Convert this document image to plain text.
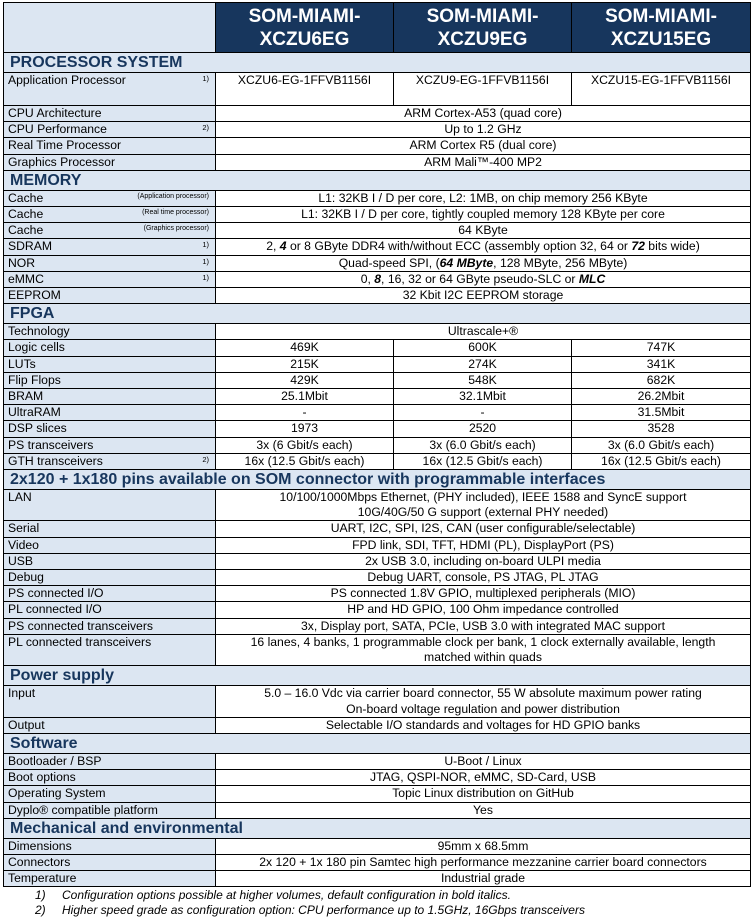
	SOM-MIAMI-XCZU6EG	SOM-MIAMI-XCZU9EG	SOM-MIAMI-XCZU15EG
PROCESSOR SYSTEM			
Application Processor 1)	XCZU6-EG-1FFVB1156I	XCZU9-EG-1FFVB1156I	XCZU15-EG-1FFVB1156I
CPU Architecture	ARM Cortex-A53 (quad core)		
CPU Performance 2)	Up to 1.2 GHz		
Real Time Processor	ARM Cortex R5 (dual core)		
Graphics Processor	ARM Mali™-400 MP2		
MEMORY			
Cache (Application processor)	L1: 32KB I / D per core, L2: 1MB, on chip memory 256 KByte		
Cache (Real time processor)	L1: 32KB I / D per core, tightly coupled memory 128 KByte per core		
Cache (Graphics processor)	64 KByte		
SDRAM 1)	2, 4 or 8 GByte DDR4 with/without ECC (assembly option 32, 64 or 72 bits wide)		
NOR 1)	Quad-speed SPI, (64 MByte, 128 MByte, 256 MByte)		
eMMC 1)	0, 8, 16, 32 or 64 GByte pseudo-SLC or MLC		
EEPROM	32 Kbit I2C EEPROM storage		
FPGA			
Technology	Ultrascale+®		
Logic cells	469K	600K	747K
LUTs	215K	274K	341K
Flip Flops	429K	548K	682K
BRAM	25.1Mbit	32.1Mbit	26.2Mbit
UltraRAM	-	-	31.5Mbit
DSP slices	1973	2520	3528
PS transceivers	3x (6 Gbit/s each)	3x (6.0 Gbit/s each)	3x (6.0 Gbit/s each)
GTH transceivers 2)	16x (12.5 Gbit/s each)	16x (12.5 Gbit/s each)	16x (12.5 Gbit/s each)
2x120 + 1x180 pins available on SOM connector with programmable interfaces			
LAN	10/100/1000Mbps Ethernet, (PHY included), IEEE 1588 and SyncE support
10G/40G/50 G support (external PHY needed)		

Serial	UART, I2C, SPI, I2S, CAN (user configurable/selectable)		
Video	FPD link, SDI, TFT, HDMI (PL), DisplayPort (PS)		
USB	2x USB 3.0, including on-board ULPI media		
Debug	Debug UART, console, PS JTAG, PL JTAG		
PS connected I/O	PS connected 1.8V GPIO, multiplexed peripherals (MIO)		
PL connected I/O	HP and HD GPIO, 100 Ohm impedance controlled		
PS connected transceivers	3x, Display port, SATA, PCIe, USB 3.0 with integrated MAC support		
PL connected transceivers	16 lanes, 4 banks, 1 programmable clock per bank, 1 clock externally available, length
matched within quads		

Power supply			
Input	5.0 – 16.0 Vdc via carrier board connector, 55 W absolute maximum power rating
On-board voltage regulation and power distribution		

Output	Selectable I/O standards and voltages for HD GPIO banks		
Software			
Bootloader / BSP	U-Boot / Linux		
Boot options	JTAG, QSPI-NOR, eMMC, SD-Card, USB		
Operating System	Topic Linux distribution on GitHub		
Dyplo® compatible platform	Yes		
Mechanical and environmental			
Dimensions	95mm x 68.5mm		
Connectors	2x 120 + 1x 180 pin Samtec high performance mezzanine carrier board connectors		
Temperature	Industrial grade		
1) Configuration options possible at higher volumes, default configuration in bold italics.
2) Higher speed grade as configuration option: CPU performance up to 1.5GHz, 16Gbps transceivers
